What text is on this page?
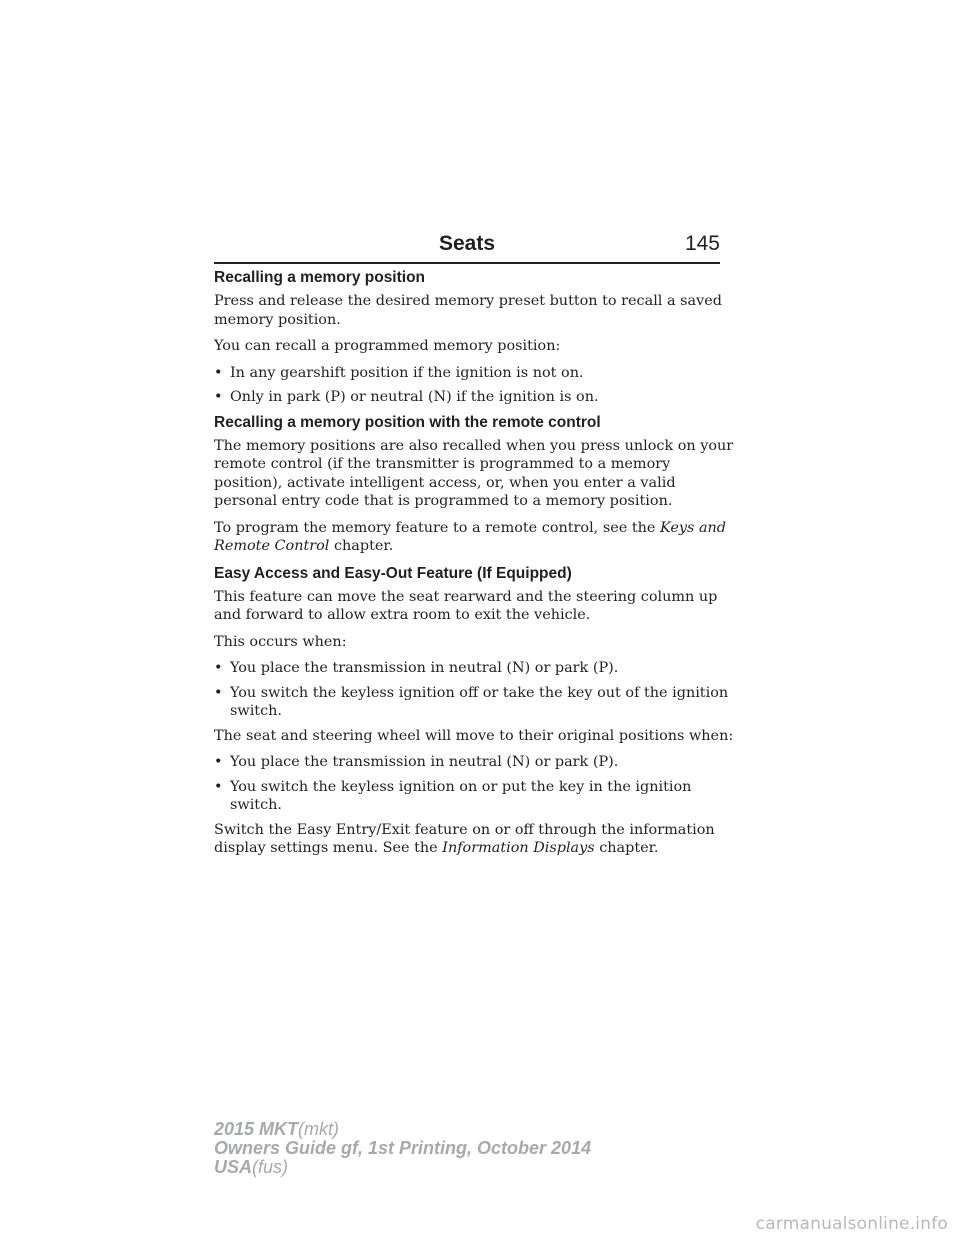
Seats	145
Recalling a memory position

Press and release the desired memory preset button to recall a saved memory position.

You can recall a programmed memory position:

• In any gearshift position if the ignition is not on.
• Only in park (P) or neutral (N) if the ignition is on.
Recalling a memory position with the remote control

The memory positions are also recalled when you press unlock on your remote control (if the transmitter is programmed to a memory position), activate intelligent access, or, when you enter a valid personal entry code that is programmed to a memory position.

To program the memory feature to a remote control, see the Keys and Remote Control chapter.

Easy Access and Easy-Out Feature (If Equipped)

This feature can move the seat rearward and the steering column up and forward to allow extra room to exit the vehicle.

This occurs when:

• You place the transmission in neutral (N) or park (P).
• You switch the keyless ignition off or take the key out of the ignition switch.

The seat and steering wheel will move to their original positions when:

• You place the transmission in neutral (N) or park (P).
• You switch the keyless ignition on or put the key in the ignition switch.

Switch the Easy Entry/Exit feature on or off through the information display settings menu. See the Information Displays chapter.

2015 MKT(mkt)
Owners Guide gf, 1st Printing, October 2014
USA(fus)
carmanualsonline.info
